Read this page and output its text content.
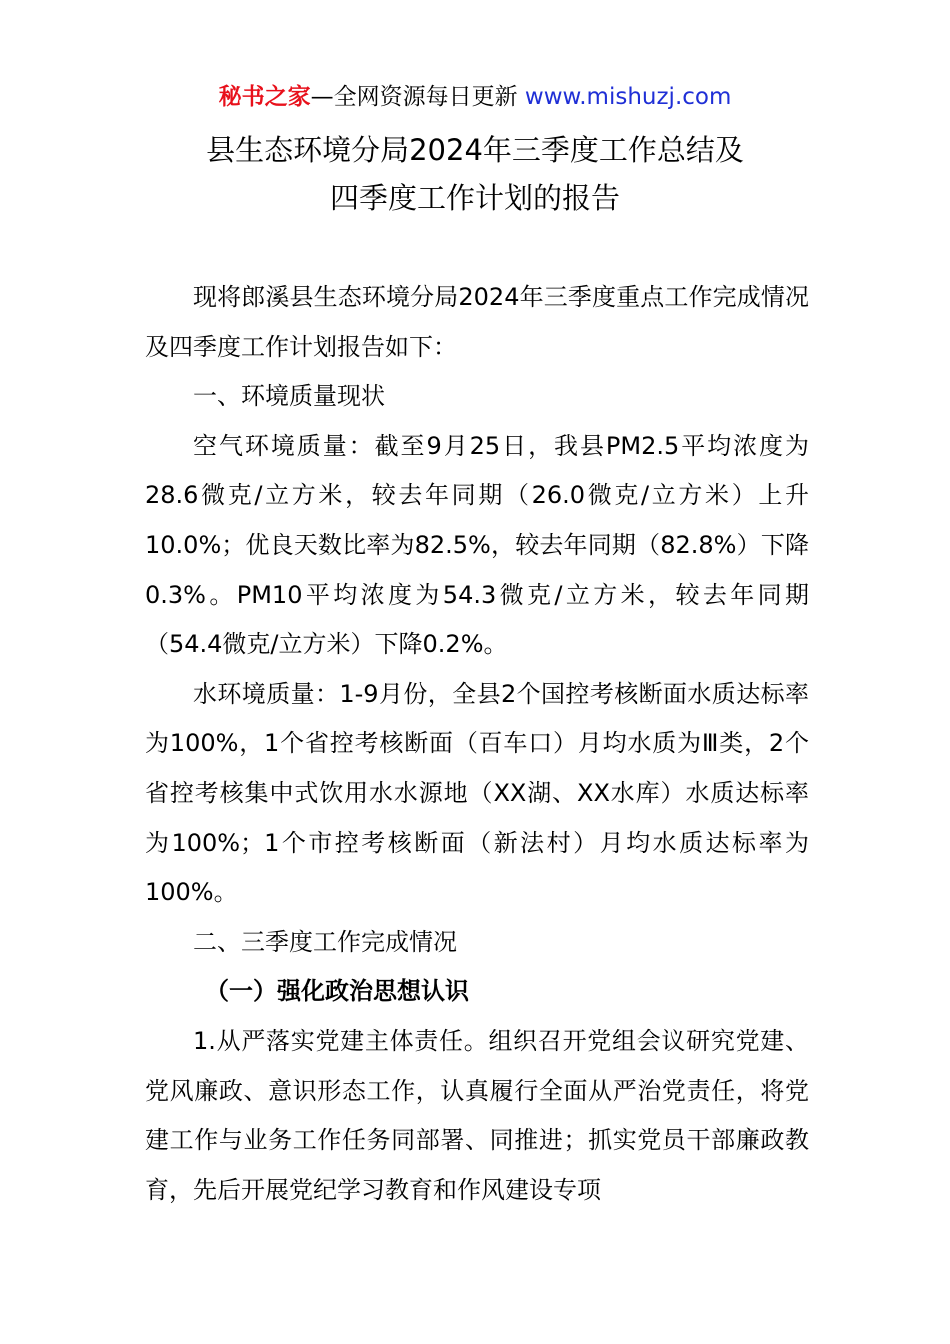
秘书之家—全网资源每日更新 www.mishuzj.com
县生态环境分局2024年三季度工作总结及
四季度工作计划的报告

现将郎溪县生态环境分局2024年三季度重点工作完成情况及四季度工作计划报告如下：

一、环境质量现状

空气环境质量：截至9月25日，我县PM2.5平均浓度为28.6微克/立方米，较去年同期（26.0微克/立方米）上升10.0%；优良天数比率为82.5%，较去年同期（82.8%）下降0.3%。PM10平均浓度为54.3微克/立方米，较去年同期（54.4微克/立方米）下降0.2%。

水环境质量：1-9月份，全县2个国控考核断面水质达标率为100%，1个省控考核断面（百车口）月均水质为Ⅲ类，2个省控考核集中式饮用水水源地（XX湖、XX水库）水质达标率为100%；1个市控考核断面（新法村）月均水质达标率为100%。

二、三季度工作完成情况

（一）强化政治思想认识

1.从严落实党建主体责任。组织召开党组会议研究党建、党风廉政、意识形态工作，认真履行全面从严治党责任，将党建工作与业务工作任务同部署、同推进；抓实党员干部廉政教育，先后开展党纪学习教育和作风建设专项
